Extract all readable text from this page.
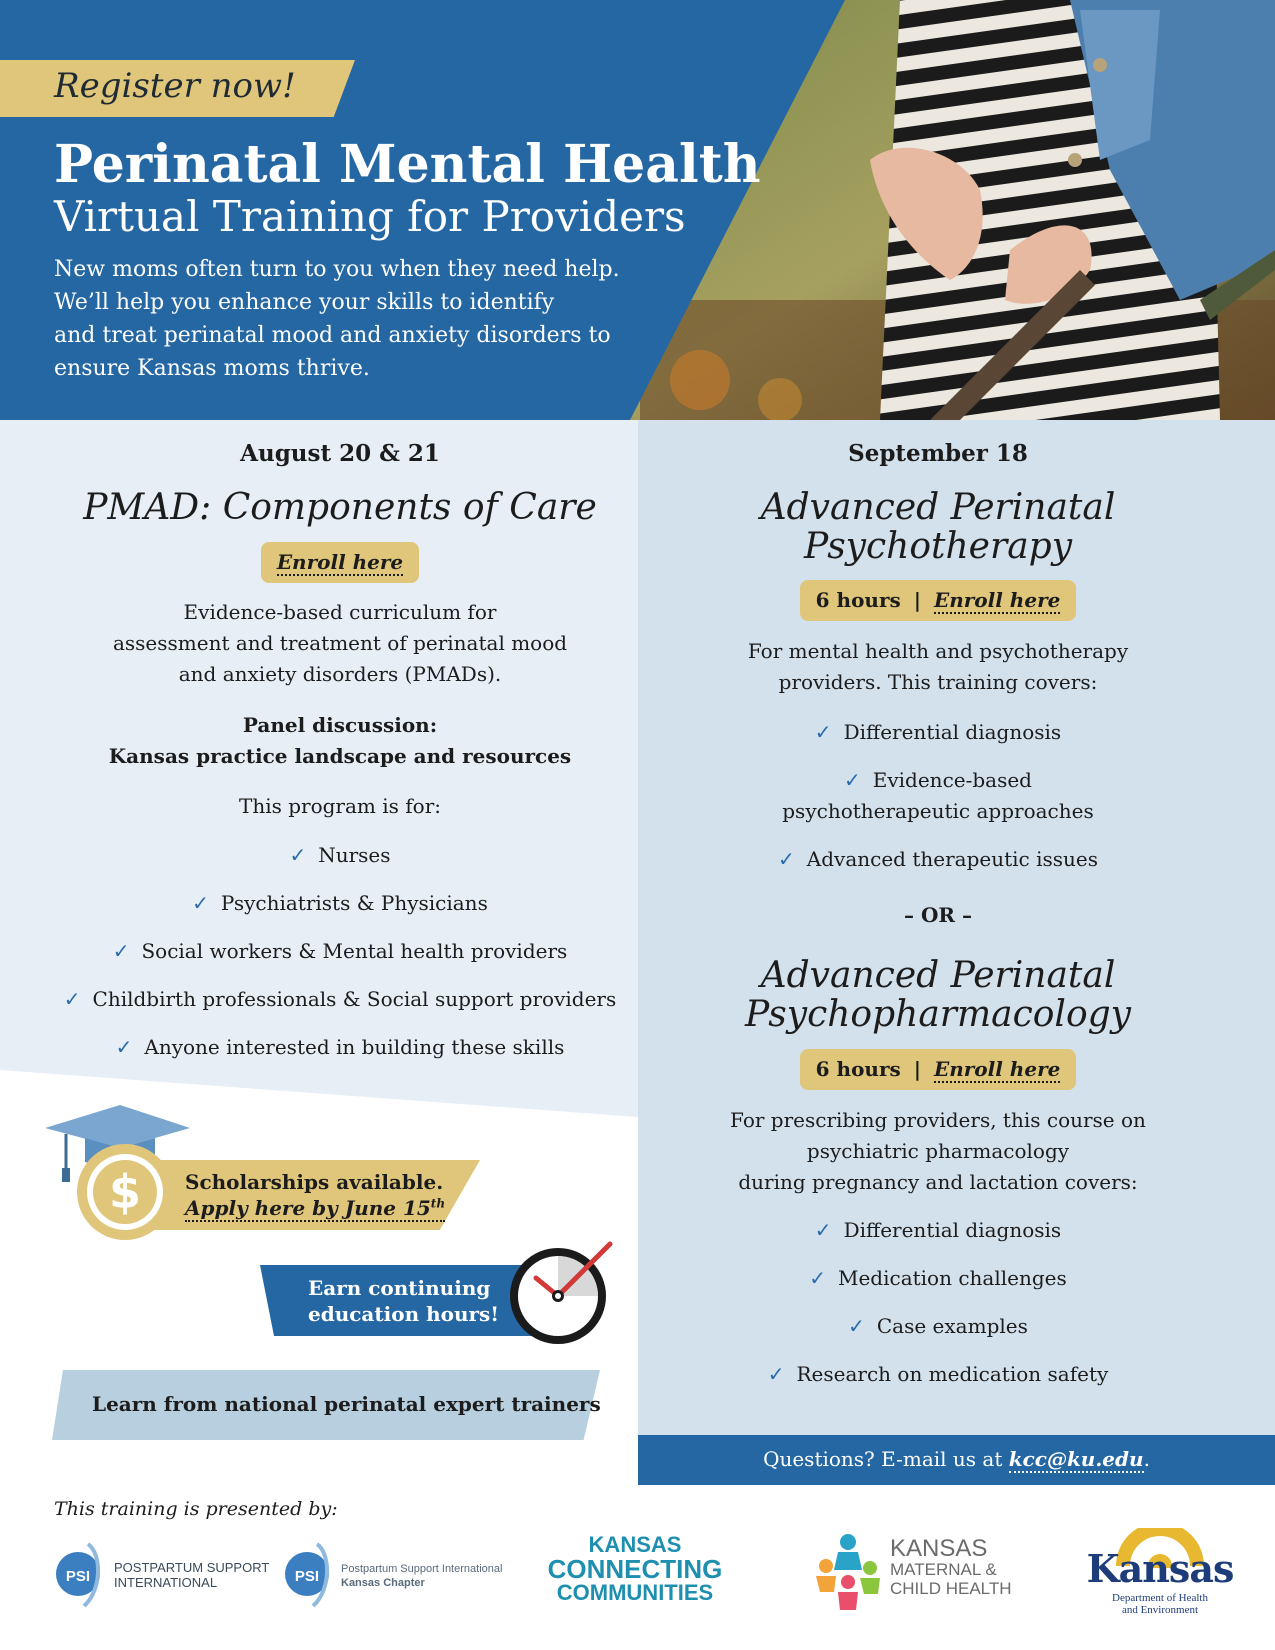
Register now!
Perinatal Mental Health
Virtual Training for Providers
New moms often turn to you when they need help.
We’ll help you enhance your skills to identify
and treat perinatal mood and anxiety disorders to
ensure Kansas moms thrive.
August 20 & 21
PMAD: Components of Care
Enroll here
Evidence-based curriculum for
assessment and treatment of perinatal mood
and anxiety disorders (PMADs).
Panel discussion:
Kansas practice landscape and resources
This program is for:
✓ Nurses
✓ Psychiatrists & Physicians
✓ Social workers & Mental health providers
✓ Childbirth professionals & Social support providers
✓ Anyone interested in building these skills
$ Scholarships available.
Apply here by June 15th
Earn continuing
education hours!
Learn from national perinatal expert trainers
September 18
Advanced Perinatal
Psychotherapy
6 hours | Enroll here
For mental health and psychotherapy
providers. This training covers:
✓ Differential diagnosis
✓ Evidence-based
psychotherapeutic approaches
✓ Advanced therapeutic issues
– OR –
Advanced Perinatal
Psychopharmacology
6 hours | Enroll here
For prescribing providers, this course on
psychiatric pharmacology
during pregnancy and lactation covers:
✓ Differential diagnosis
✓ Medication challenges
✓ Case examples
✓ Research on medication safety
Questions? E-mail us at kcc@ku.edu.
This training is presented by:
PSI
POSTPARTUM SUPPORT
INTERNATIONAL	PSI Postpartum Support International
Kansas Chapter
KANSAS
CONNECTING
COMMUNITIES
KANSAS
MATERNAL &
CHILD HEALTH Kansas
Department of Health
and Environment
